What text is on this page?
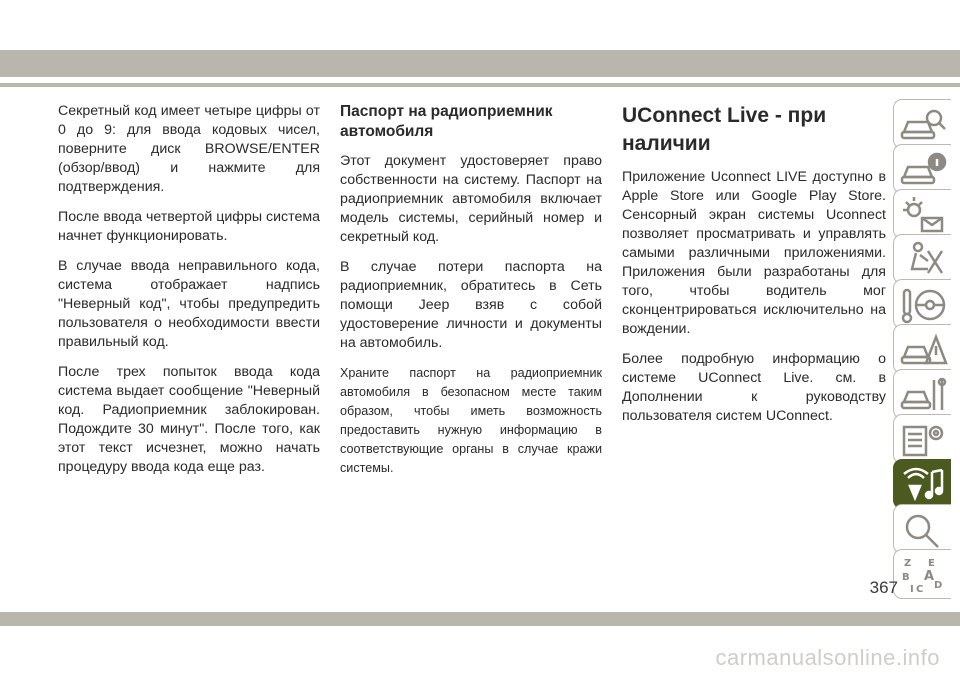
Секретный код имеет четыре цифры от 0 до 9: для ввода кодовых чисел, поверните диск BROWSE/ENTER (обзор/ввод) и нажмите для подтверждения.

После ввода четвертой цифры система начнет функционировать.

В случае ввода неправильного кода, система отображает надпись "Неверный код", чтобы предупредить пользователя о необходимости ввести правильный код.

После трех попыток ввода кода система выдает сообщение "Неверный код. Радиоприемник заблокирован. Подождите 30 минут". После того, как этот текст исчезнет, можно начать процедуру ввода кода еще раз.

Паспорт на радиоприемник автомобиля

Этот документ удостоверяет право собственности на систему. Паспорт на радиоприемник автомобиля включает модель системы, серийный номер и секретный код.

В случае потери паспорта на радиоприемник, обратитесь в Сеть помощи Jeep взяв с собой удостоверение личности и документы на автомобиль.

Храните паспорт на радиоприемник автомобиля в безопасном месте таким образом, чтобы иметь возможность предоставить нужную информацию в соответствующие органы в случае кражи системы.

UConnect Live - при наличии

Приложение Uconnect LIVE доступно в Apple Store или Google Play Store. Сенсорный экран системы Uconnect позволяет просматривать и управлять самыми различными приложениями. Приложения были разработаны для того, чтобы водитель мог сконцентрироваться исключительно на вождении.

Более подробную информацию о системе UConnect Live. см. в Дополнении к руководству пользователя систем UConnect.

Z E
B A
I C D
367
carmanualsonline.info
